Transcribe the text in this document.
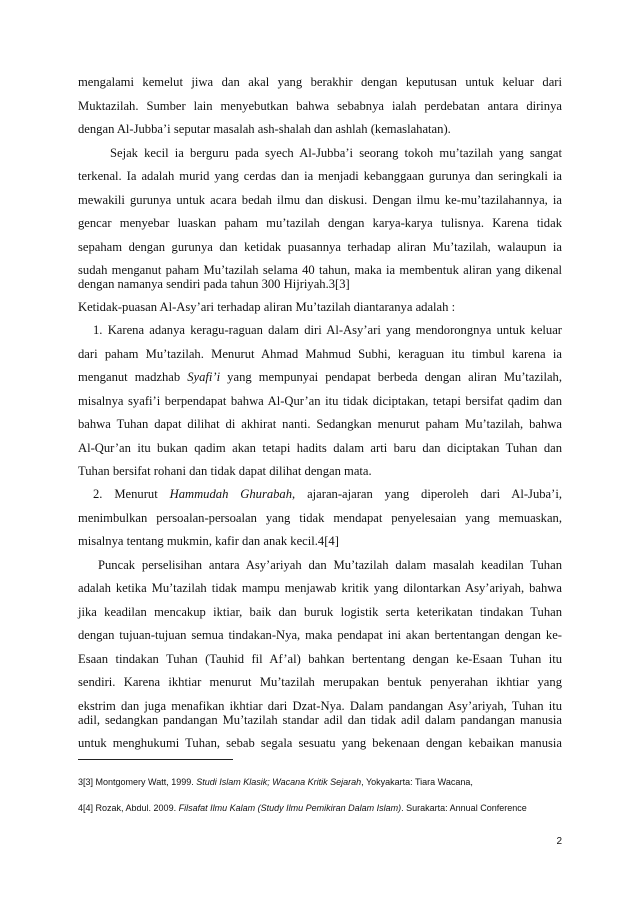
mengalami kemelut jiwa dan akal yang berakhir dengan keputusan untuk keluar dari
Muktazilah. Sumber lain menyebutkan bahwa sebabnya ialah perdebatan antara dirinya
dengan Al-Jubba’i seputar masalah ash-shalah dan ashlah (kemaslahatan).
Sejak kecil ia berguru pada syech Al-Jubba’i seorang tokoh mu’tazilah yang sangat
terkenal. Ia adalah murid yang cerdas dan ia menjadi kebanggaan gurunya dan seringkali ia
mewakili gurunya untuk acara bedah ilmu dan diskusi. Dengan ilmu ke-mu’tazilahannya, ia
gencar menyebar luaskan paham mu’tazilah dengan karya-karya tulisnya. Karena tidak
sepaham dengan gurunya dan ketidak puasannya terhadap aliran Mu’tazilah, walaupun ia
sudah menganut paham Mu’tazilah selama 40 tahun, maka ia membentuk aliran yang dikenal
dengan namanya sendiri pada tahun 300 Hijriyah.3[3]
Ketidak-puasan Al-Asy’ari terhadap aliran Mu’tazilah diantaranya adalah :
1. Karena adanya keragu-raguan dalam diri Al-Asy’ari yang mendorongnya untuk keluar
dari paham Mu’tazilah. Menurut Ahmad Mahmud Subhi, keraguan itu timbul karena ia
menganut madzhab Syafi’i yang mempunyai pendapat berbeda dengan aliran Mu’tazilah,
misalnya syafi’i berpendapat bahwa Al-Qur’an itu tidak diciptakan, tetapi bersifat qadim dan
bahwa Tuhan dapat dilihat di akhirat nanti. Sedangkan menurut paham Mu’tazilah, bahwa
Al-Qur’an itu bukan qadim akan tetapi hadits dalam arti baru dan diciptakan Tuhan dan
Tuhan bersifat rohani dan tidak dapat dilihat dengan mata.
2. Menurut Hammudah Ghurabah, ajaran-ajaran yang diperoleh dari Al-Juba’i,
menimbulkan persoalan-persoalan yang tidak mendapat penyelesaian yang memuaskan,
misalnya tentang mukmin, kafir dan anak kecil.4[4]
Puncak perselisihan antara Asy’ariyah dan Mu’tazilah dalam masalah keadilan Tuhan
adalah ketika Mu’tazilah tidak mampu menjawab kritik yang dilontarkan Asy’ariyah, bahwa
jika keadilan mencakup iktiar, baik dan buruk logistik serta keterikatan tindakan Tuhan
dengan tujuan-tujuan semua tindakan-Nya, maka pendapat ini akan bertentangan dengan ke-
Esaan tindakan Tuhan (Tauhid fil Af’al) bahkan bertentang dengan ke-Esaan Tuhan itu
sendiri. Karena ikhtiar menurut Mu’tazilah merupakan bentuk penyerahan ikhtiar yang
ekstrim dan juga menafikan ikhtiar dari Dzat-Nya. Dalam pandangan Asy’ariyah, Tuhan itu
adil, sedangkan pandangan Mu’tazilah standar adil dan tidak adil dalam pandangan manusia
untuk menghukumi Tuhan, sebab segala sesuatu yang bekenaan dengan kebaikan manusia
3[3] Montgomery Watt, 1999. Studi Islam Klasik; Wacana Kritik Sejarah, Yokyakarta: Tiara Wacana,
4[4] Rozak, Abdul. 2009. Filsafat Ilmu Kalam (Study Ilmu Pemikiran Dalam Islam). Surakarta: Annual Conference
2
